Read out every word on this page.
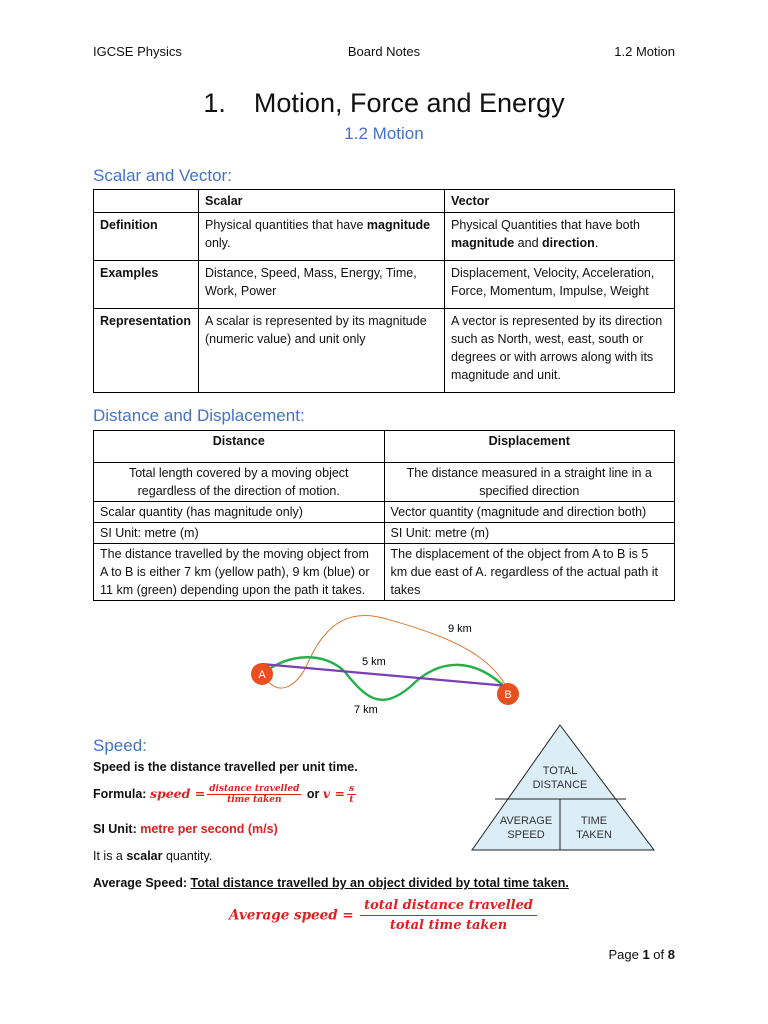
IGCSE Physics	Board Notes	1.2 Motion
1. Motion, Force and Energy
1.2 Motion
Scalar and Vector:
	Scalar	Vector
Definition	Physical quantities that have magnitude only.	Physical Quantities that have both magnitude and direction.
Examples	Distance, Speed, Mass, Energy, Time, Work, Power	Displacement, Velocity, Acceleration, Force, Momentum, Impulse, Weight
Representation	A scalar is represented by its magnitude (numeric value) and unit only	A vector is represented by its direction such as North, west, east, south or degrees or with arrows along with its magnitude and unit.
Distance and Displacement:
Distance	Displacement
Total length covered by a moving object regardless of the direction of motion.	The distance measured in a straight line in a specified direction
Scalar quantity (has magnitude only)	Vector quantity (magnitude and direction both)
SI Unit: metre (m)	SI Unit: metre (m)
The distance travelled by the moving object from A to B is either 7 km (yellow path), 9 km (blue) or 11 km (green) depending upon the path it takes.	The displacement of the object from A to B is 5 km due east of A. regardless of the actual path it takes
A
B
9 km
5 km
7 km
Speed:
Speed is the distance travelled per unit time.
Formula: speed = $\frac{\text{distance travelled}}{\text{time taken}}$ or $v = \frac{s}{t}$
SI Unit: metre per second (m/s)
It is a scalar quantity.
Average Speed: Total distance travelled by an object divided by total time taken.
Average speed = $\frac{\text{total distance travelled}}{\text{total time taken}}$
TOTAL
DISTANCE
AVERAGE
SPEED
TIME
TAKEN
Page 1 of 8
